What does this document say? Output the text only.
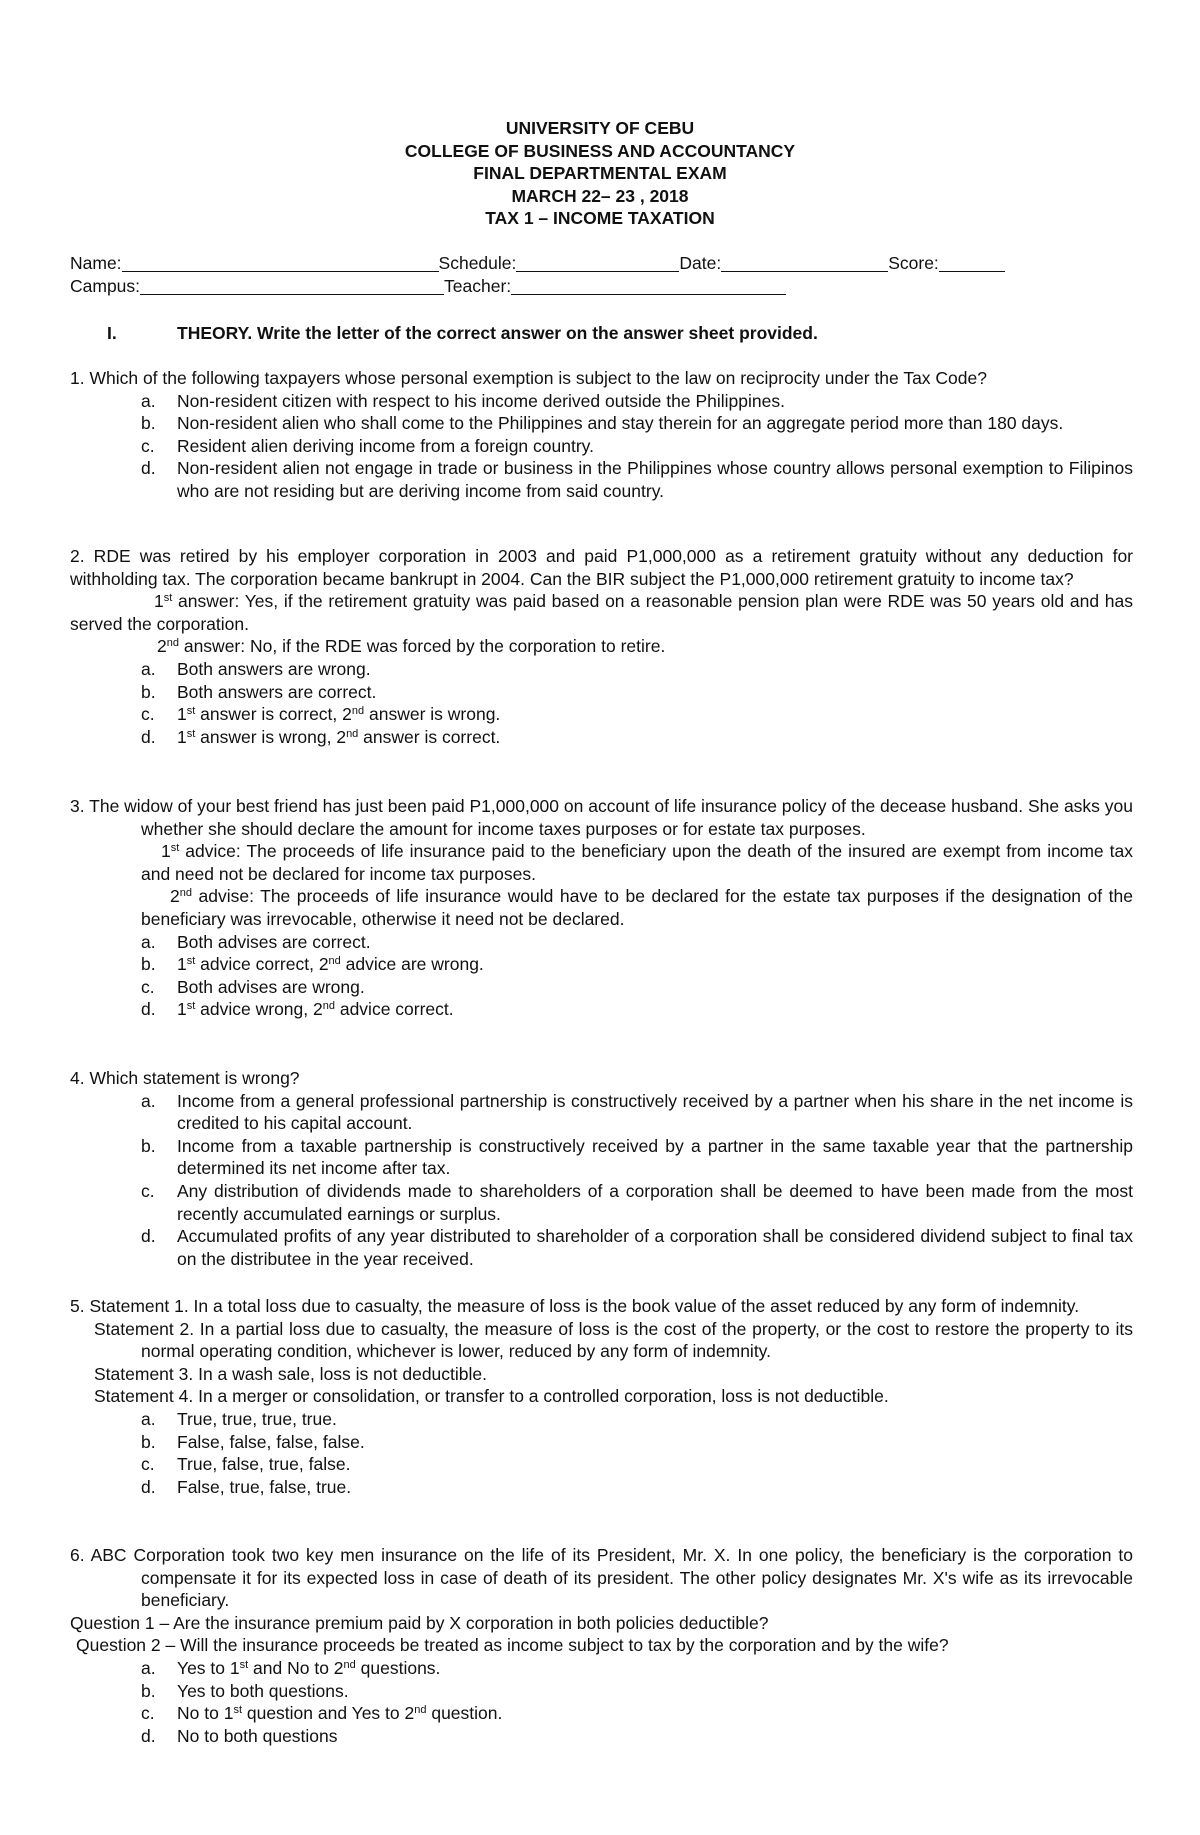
UNIVERSITY OF CEBU
COLLEGE OF BUSINESS AND ACCOUNTANCY
FINAL DEPARTMENTAL EXAM
MARCH 22– 23 , 2018
TAX 1 – INCOME TAXATION
Name:	Schedule:	Date:	Score:
Campus:	Teacher:
I.	THEORY. Write the letter of the correct answer on the answer sheet provided.
1. Which of the following taxpayers whose personal exemption is subject to the law on reciprocity under the Tax Code?
a. Non-resident citizen with respect to his income derived outside the Philippines.
b. Non-resident alien who shall come to the Philippines and stay therein for an aggregate period more than 180 days.
c. Resident alien deriving income from a foreign country.
d. Non-resident alien not engage in trade or business in the Philippines whose country allows personal exemption to Filipinos who are not residing but are deriving income from said country.
2. RDE was retired by his employer corporation in 2003 and paid P1,000,000 as a retirement gratuity without any deduction for withholding tax. The corporation became bankrupt in 2004. Can the BIR subject the P1,000,000 retirement gratuity to income tax?
1st answer: Yes, if the retirement gratuity was paid based on a reasonable pension plan were RDE was 50 years old and has served the corporation.
2nd answer: No, if the RDE was forced by the corporation to retire.
a. Both answers are wrong.
b. Both answers are correct.
c. 1st answer is correct, 2nd answer is wrong.
d. 1st answer is wrong, 2nd answer is correct.
3. The widow of your best friend has just been paid P1,000,000 on account of life insurance policy of the decease husband. She asks you whether she should declare the amount for income taxes purposes or for estate tax purposes.
1st advice: The proceeds of life insurance paid to the beneficiary upon the death of the insured are exempt from income tax and need not be declared for income tax purposes.
2nd advise: The proceeds of life insurance would have to be declared for the estate tax purposes if the designation of the beneficiary was irrevocable, otherwise it need not be declared.
a. Both advises are correct.
b. 1st advice correct, 2nd advice are wrong.
c. Both advises are wrong.
d. 1st advice wrong, 2nd advice correct.
4. Which statement is wrong?
a. Income from a general professional partnership is constructively received by a partner when his share in the net income is credited to his capital account.
b. Income from a taxable partnership is constructively received by a partner in the same taxable year that the partnership determined its net income after tax.
c. Any distribution of dividends made to shareholders of a corporation shall be deemed to have been made from the most recently accumulated earnings or surplus.
d. Accumulated profits of any year distributed to shareholder of a corporation shall be considered dividend subject to final tax on the distributee in the year received.
5. Statement 1. In a total loss due to casualty, the measure of loss is the book value of the asset reduced by any form of indemnity.
Statement 2. In a partial loss due to casualty, the measure of loss is the cost of the property, or the cost to restore the property to its normal operating condition, whichever is lower, reduced by any form of indemnity.
Statement 3. In a wash sale, loss is not deductible.
Statement 4. In a merger or consolidation, or transfer to a controlled corporation, loss is not deductible.
a. True, true, true, true.
b. False, false, false, false.
c. True, false, true, false.
d. False, true, false, true.
6. ABC Corporation took two key men insurance on the life of its President, Mr. X. In one policy, the beneficiary is the corporation to compensate it for its expected loss in case of death of its president. The other policy designates Mr. X's wife as its irrevocable beneficiary.
Question 1 – Are the insurance premium paid by X corporation in both policies deductible?
Question 2 – Will the insurance proceeds be treated as income subject to tax by the corporation and by the wife?
a. Yes to 1st and No to 2nd questions.
b. Yes to both questions.
c. No to 1st question and Yes to 2nd question.
d. No to both questions
